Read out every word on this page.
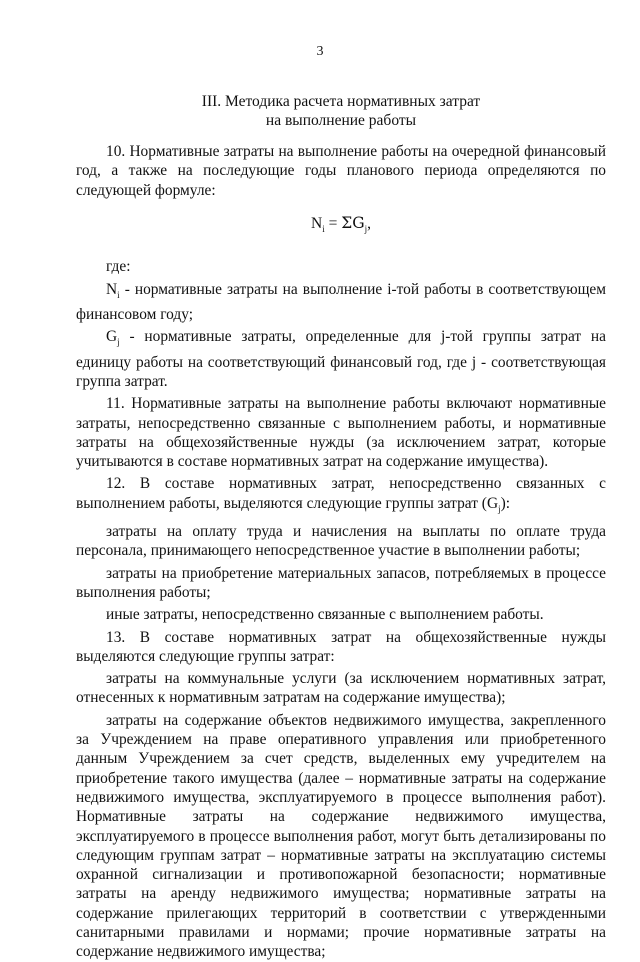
3
III. Методика расчета нормативных затрат
на выполнение работы

10. Нормативные затраты на выполнение работы на очередной финансовый год, а также на последующие годы планового периода определяются по следующей формуле:

$N_i = \Sigma G_j$,

где:

$N_i$ - нормативные затраты на выполнение i-той работы в соответствующем финансовом году;

$G_j$ - нормативные затраты, определенные для j-той группы затрат на единицу работы на соответствующий финансовый год, где j - соответствующая группа затрат.

11. Нормативные затраты на выполнение работы включают нормативные затраты, непосредственно связанные с выполнением работы, и нормативные затраты на общехозяйственные нужды (за исключением затрат, которые учитываются в составе нормативных затрат на содержание имущества).

12. В составе нормативных затрат, непосредственно связанных с выполнением работы, выделяются следующие группы затрат $(G_j)$:

затраты на оплату труда и начисления на выплаты по оплате труда персонала, принимающего непосредственное участие в выполнении работы;

затраты на приобретение материальных запасов, потребляемых в процессе выполнения работы;

иные затраты, непосредственно связанные с выполнением работы.

13. В составе нормативных затрат на общехозяйственные нужды выделяются следующие группы затрат:

затраты на коммунальные услуги (за исключением нормативных затрат, отнесенных к нормативным затратам на содержание имущества);

затраты на содержание объектов недвижимого имущества, закрепленного за Учреждением на праве оперативного управления или приобретенного данным Учреждением за счет средств, выделенных ему учредителем на приобретение такого имущества (далее – нормативные затраты на содержание недвижимого имущества, эксплуатируемого в процессе выполнения работ). Нормативные затраты на содержание недвижимого имущества, эксплуатируемого в процессе выполнения работ, могут быть детализированы по следующим группам затрат – нормативные затраты на эксплуатацию системы охранной сигнализации и противопожарной безопасности; нормативные затраты на аренду недвижимого имущества; нормативные затраты на содержание прилегающих территорий в соответствии с утвержденными санитарными правилами и нормами; прочие нормативные затраты на содержание недвижимого имущества;
